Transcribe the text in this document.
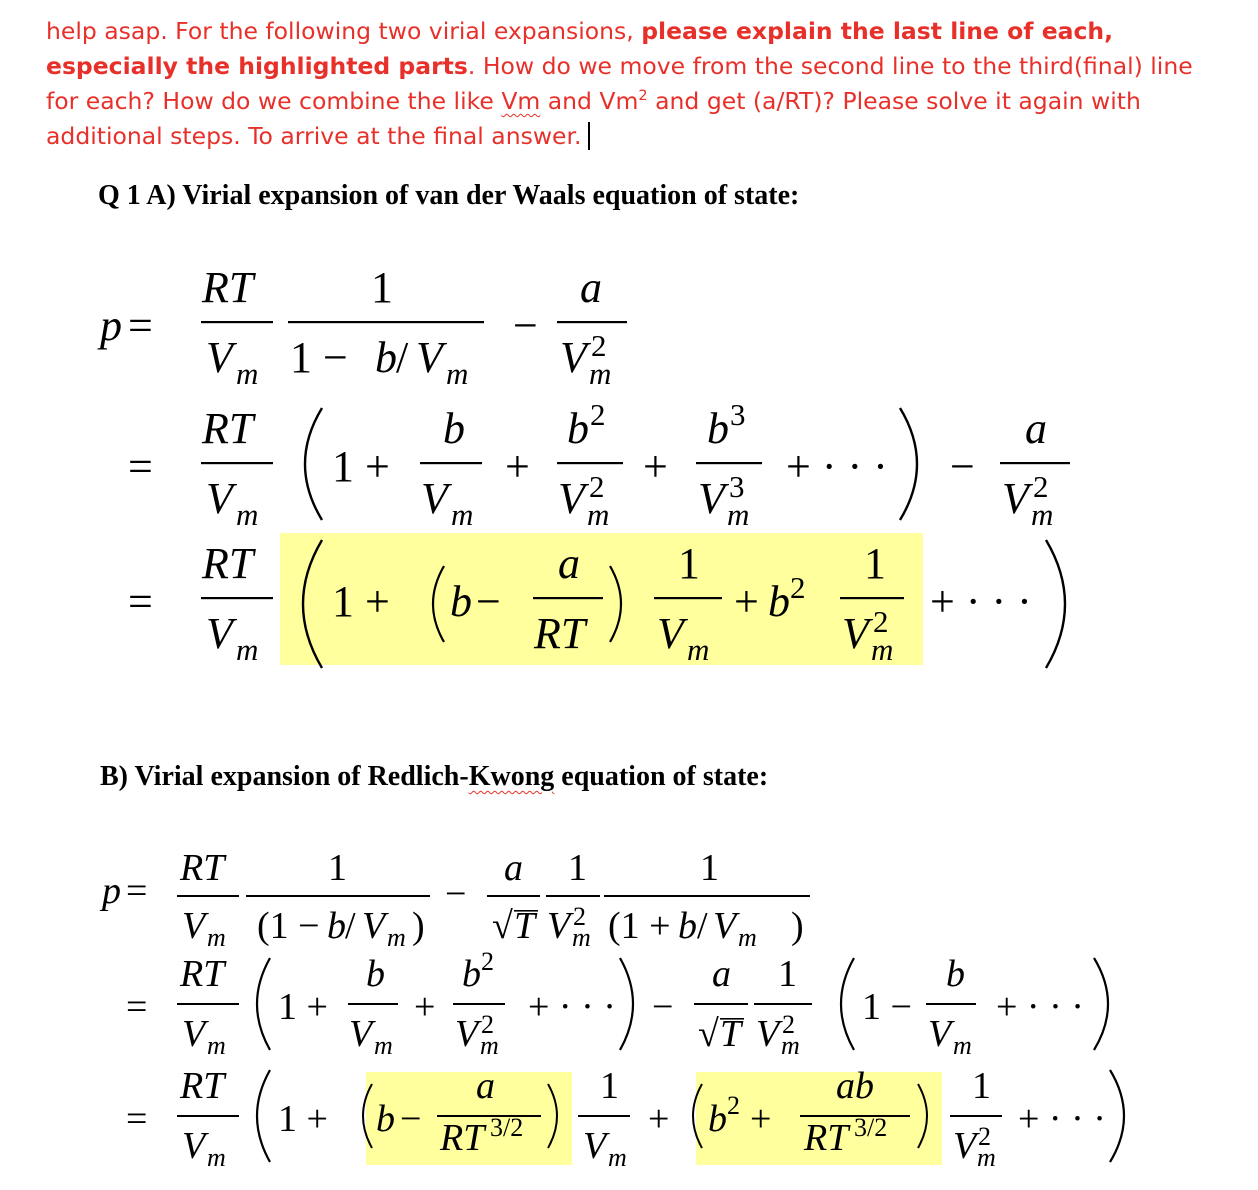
help asap. For the following two virial expansions, please explain the last line of each, especially the highlighted parts. How do we move from the second line to the third(final) line for each? How do we combine the like Vm and Vm$^2$ and get (a/RT)? Please solve it again with additional steps. To arrive at the final answer.
Q 1 A) Virial expansion of van der Waals equation of state:
B) Virial expansion of Redlich-Kwong equation of state:
p =
RT
V m
1
1 − b / V m
−
a
V 2
m
=
RT
V m
1 +
b
V m
+
b 2
V 2
m
+
b 3
V 3
m
+ · · · −
a
V 2
m
=
RT
V m
1 + b −
a
RT
1
V m
+ b 2 1
V 2
m
+ · · ·
p =
RT
V m
1
(1 − b / V m )
−
a
√ T
1
V 2
m
1
(1 + b / V m )
=
RT
V m
1 +
b
V m
+
b 2
V 2
m
+ · · · −
a
√ T
1
V 2
m
1 −
b
V m
+ · · ·
=
RT
V m
1 + b −
a
RT 3/2
1
V m
+ b 2 +
ab
RT 3/2
1
V 2
m
+ · · ·
